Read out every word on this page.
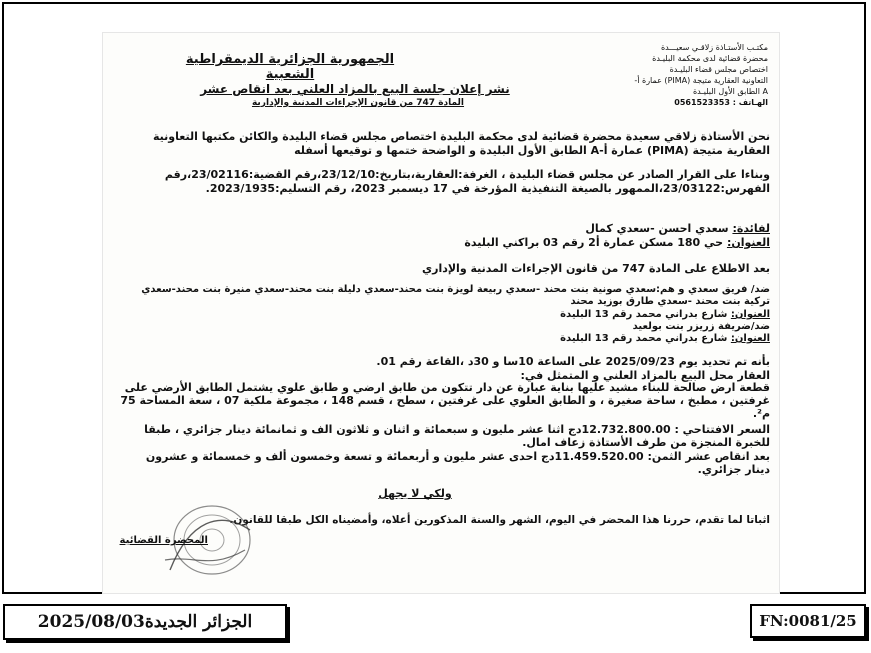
الجمهورية الجزائرية الديمقراطية الشعبية
مكتـب الأستـاذة زلاقـي سعيـــدة
محضرة قضائية لدى محكمة البليـدة
اختصاص مجلس قضاء البليـدة
التعاونية العقارية متيجة (PIMA) عمارة أ-
A الطابق الأول البليـدة
الهـاتف : 0561523353
نشر إعلان جلسة البيع بالمزاد العلني بعد انقاص عشر
المادة 747 من قانون الإجراءات المدنية والإدارية
نحن الأستاذة زلاقي سعيدة محضرة قضائية لدى محكمة البليدة اختصاص مجلس قضاء البليدة والكائن مكتبها التعاونية العقارية متيجة (PIMA) عمارة أ-A الطابق الأول البليدة و الواضحة ختمها و توقيعها أسفله
وبناءا على القرار الصادر عن مجلس قضاء البليدة ، الغرفة:العقارية،بتاريخ:23/12/10،رقم القضية:23/02116،رقم الفهرس:23/03122،الممهور بالصيغة التنفيذية المؤرخة في 17 ديسمبر 2023، رقم التسليم:2023/1935.
لفائدة: سعدي احسن -سعدي كمال
العنوان: حي 180 مسكن عمارة أ2 رقم 03 براكني البليدة
بعد الاطلاع على المادة 747 من قانون الإجراءات المدنية والإداري
ضد/ فريق سعدي و هم:سعدي صونية بنت محند -سعدي ربيعة لويزة بنت محند-سعدي دليلة بنت محند-سعدي منيرة بنت محند-سعدي تركية بنت محند -سعدي طارق بوزيد محند
العنوان: شارع بدراني محمد رقم 13 البليدة
ضد/ضريفة زريزر بنت بولعيد
العنوان: شارع بدراني محمد رقم 13 البليدة
بأنه تم تحديد يوم 2025/09/23 على الساعة 10سا و 30د ،القاعة رقم 01.
العقار محل البيع بالمزاد العلني و المتمثل في:
قطعة ارض صالحة للبناء مشيد عليها بناية عبارة عن دار تتكون من طابق ارضي و طابق علوي يشتمل الطابق الأرضي على غرفتين ، مطبخ ، ساحة صغيرة ، و الطابق العلوي على غرفتين ، سطح ، قسم 148 ، مجموعة ملكية 07 ، سعة المساحة 75 م².
السعر الافتتاحي : 12.732.800.00دج اثنا عشر مليون و سبعمائة و اثنان و ثلاثون الف و ثمانمائة دينار جزائري ، طبقا للخبرة المنجزة من طرف الأستاذة زعاف امال.
بعد انقاص عشر الثمن: 11.459.520.00دج احدى عشر مليون و أربعمائة و تسعة وخمسون ألف و خمسمائة و عشرون دينار جزائري.
ولكي لا يجهل
اثباتا لما تقدم، حررنا هذا المحضر في اليوم، الشهر والسنة المذكورين أعلاه، وأمضيناه الكل طبقا للقانون.
المحضرة القضائية
الجزائر الجديدة2025/08/03	FN:0081/25
